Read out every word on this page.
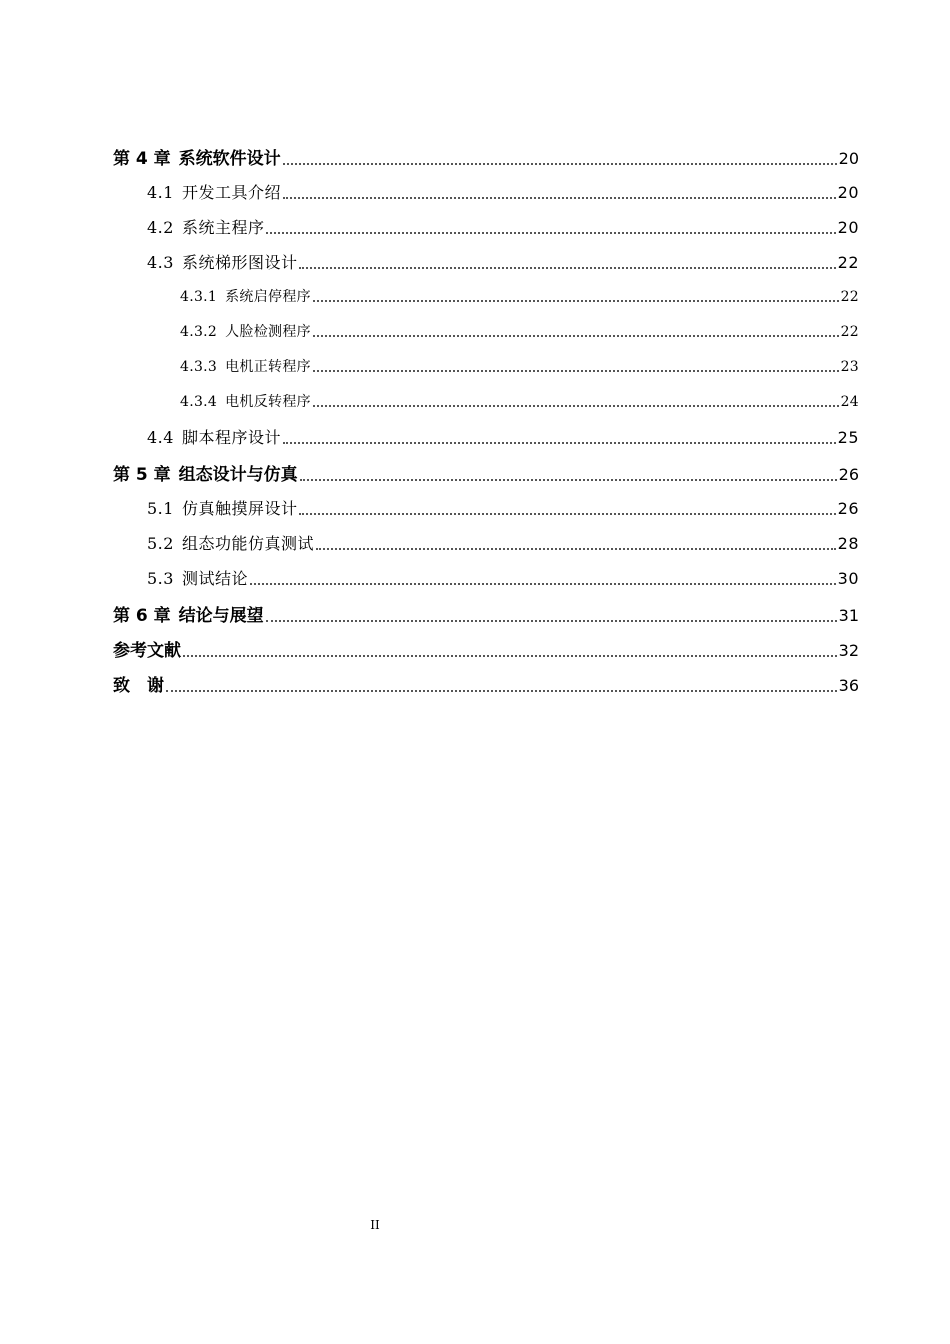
第 4 章 系统软件设计	20
4.1 开发工具介绍	20
4.2 系统主程序	20
4.3 系统梯形图设计	22
4.3.1 系统启停程序	22
4.3.2 人脸检测程序	22
4.3.3 电机正转程序	23
4.3.4 电机反转程序	24
4.4 脚本程序设计	25
第 5 章 组态设计与仿真	26
5.1 仿真触摸屏设计	26
5.2 组态功能仿真测试	28
5.3 测试结论	30
第 6 章 结论与展望	31
参考文献	32
致　谢	36
II
